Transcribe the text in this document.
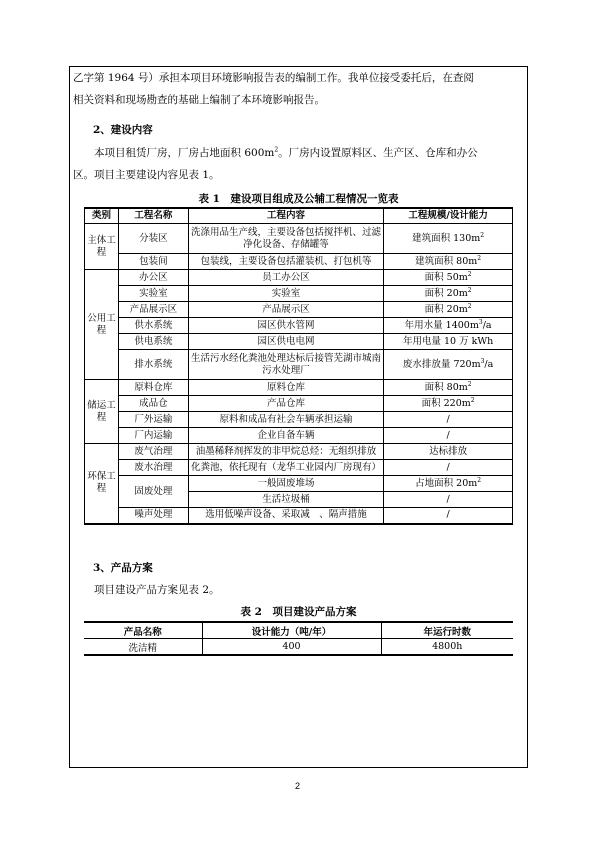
乙字第 1964 号）承担本项目环境影响报告表的编制工作。我单位接受委托后，在查阅
相关资料和现场勘查的基础上编制了本环境影响报告。

2、建设内容

本项目租赁厂房，厂房占地面积 $600m^2$。厂房内设置原料区、生产区、仓库和办公
区。项目主要建设内容见表 1。

表 1　建设项目组成及公辅工程情况一览表

类别	工程名称	工程内容	工程规模/设计能力
主体工程	分装区	洗涤用品生产线，主要设备包括搅拌机、过滤净化设备、存储罐等	建筑面积 $130m^2$
	包装间	包装线，主要设备包括灌装机、打包机等	建筑面积 $80m^2$
公用工程	办公区	员工办公区	面积 $50m^2$
	实验室	实验室	面积 $20m^2$
	产品展示区	产品展示区	面积 $20m^2$
	供水系统	园区供水管网	年用水量 $1400m^3/a$
	供电系统	园区供电电网	年用电量 10 万 kWh
	排水系统	生活污水经化粪池处理达标后接管芜湖市城南污水处理厂	废水排放量 $720m^3/a$
储运工程	原料仓库	原料仓库	面积 $80m^2$
	成品仓	产品仓库	面积 $220m^2$
	厂外运输	原料和成品有社会车辆承担运输	/
	厂内运输	企业自备车辆	/
环保工程	废气治理	油墨稀释剂挥发的非甲烷总烃：无组织排放	达标排放
	废水治理	化粪池，依托现有（龙华工业园内厂房现有）	/
	固废处理	一般固废堆场	占地面积 $20m^2$
		生活垃圾桶	/
	噪声处理	选用低噪声设备、采取减　、隔声措施	/

3、产品方案

项目建设产品方案见表 2。

表 2　项目建设产品方案

产品名称	设计能力（吨/年）	年运行时数
洗洁精	400	4800h
2
